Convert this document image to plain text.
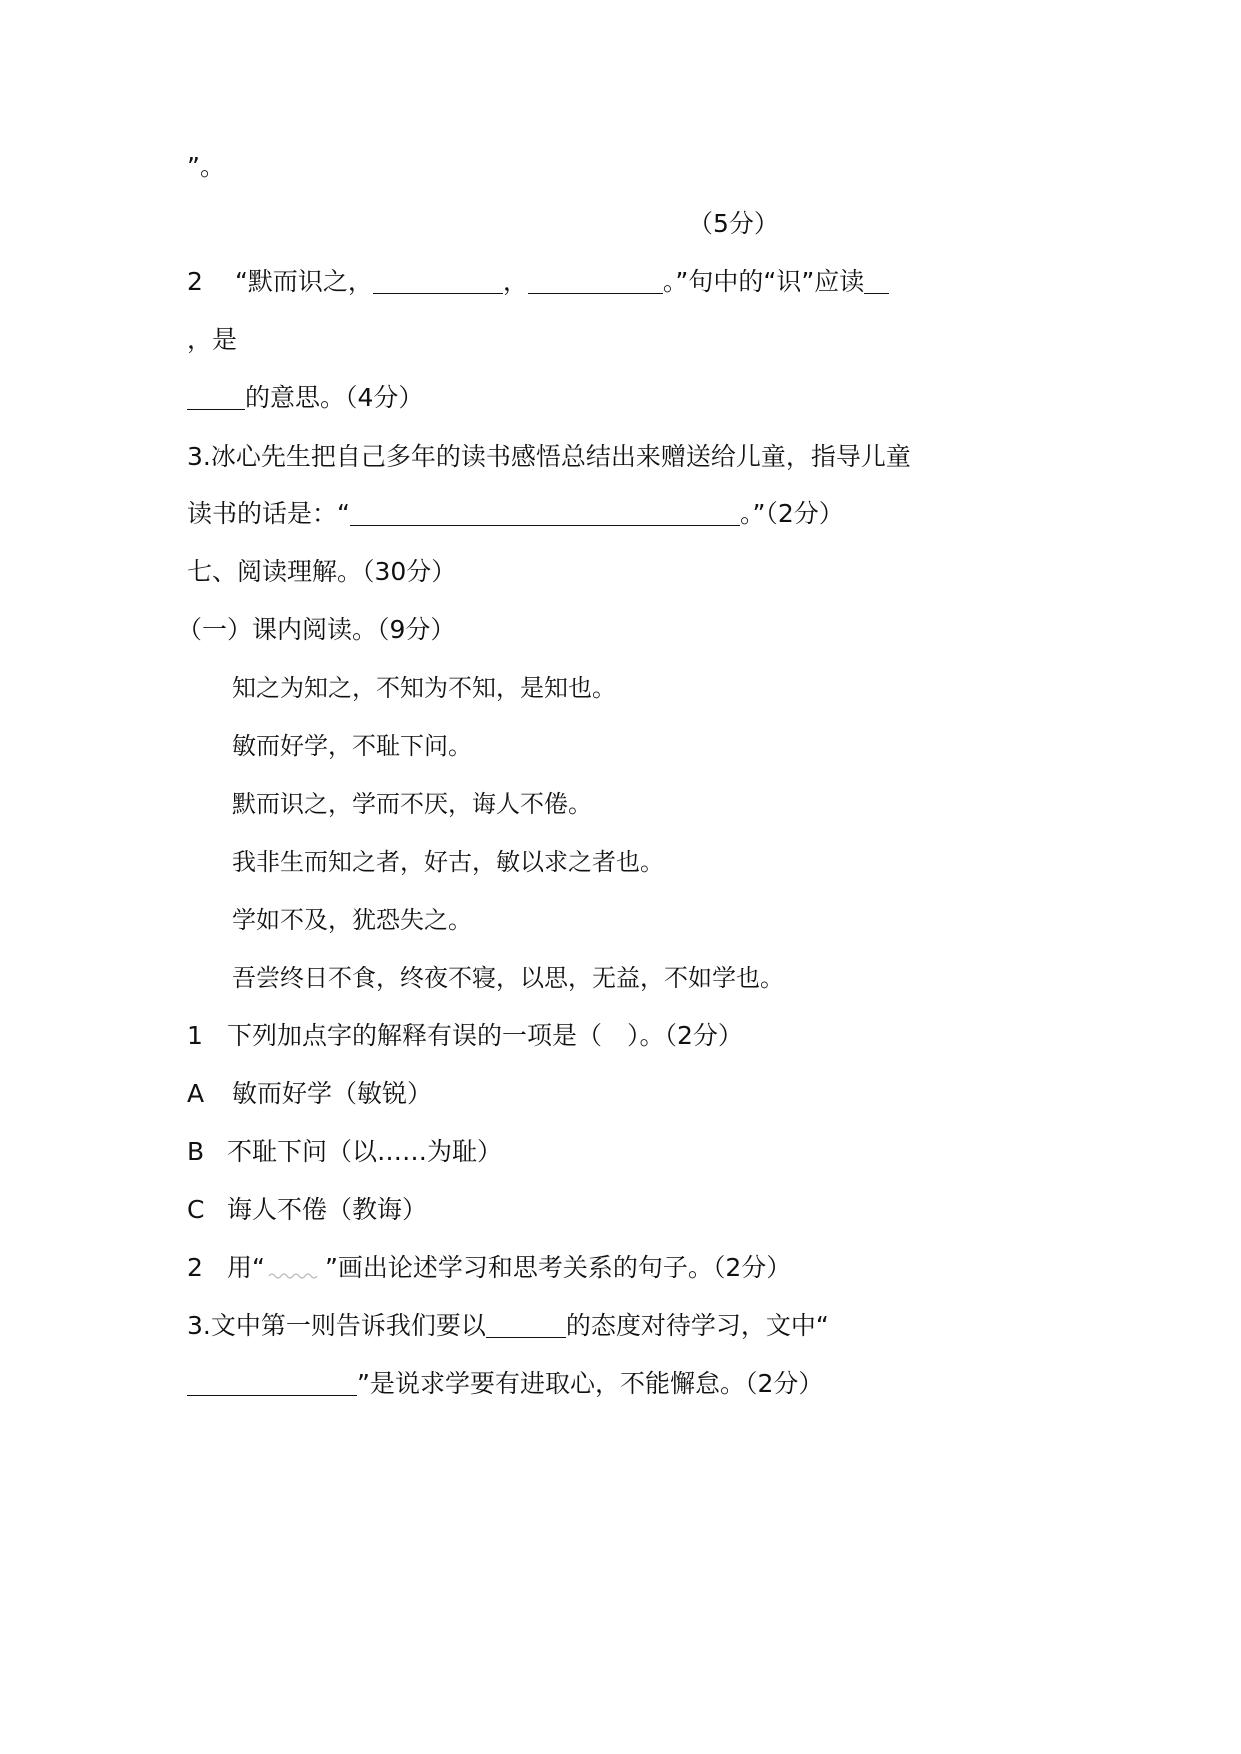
”。
（5分）
2 “默而识之，	，	。”句中的“识”应读
，是
的意思。（4分）
3.冰心先生把自己多年的读书感悟总结出来赠送给儿童，指导儿童
读书的话是：“	。”（2分）
七、阅读理解。（30分）
（一）课内阅读。（9分）
知之为知之，不知为不知，是知也。
敏而好学，不耻下问。
默而识之，学而不厌，诲人不倦。
我非生而知之者，好古，敏以求之者也。
学如不及，犹恐失之。
吾尝终日不食，终夜不寝，以思，无益，不如学也。
1 下列加点字的解释有误的一项是（　）。（2分）
A 敏而好学（敏锐）
B 不耻下问（以……为耻）
C 诲人不倦（教诲）
2 用“ ”画出论述学习和思考关系的句子。（2分）
3.文中第一则告诉我们要以	的态度对待学习，文中“
”是说求学要有进取心，不能懈怠。（2分）
